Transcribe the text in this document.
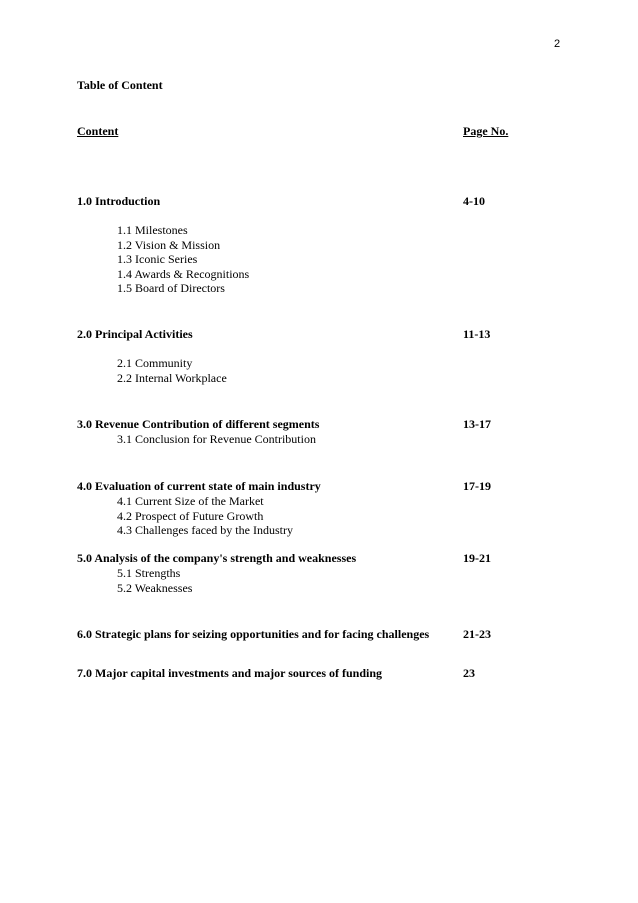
2
Table of Content
Content	Page No.
1.0 Introduction	4-10
1.1 Milestones
1.2 Vision & Mission
1.3 Iconic Series
1.4 Awards & Recognitions
1.5 Board of Directors
2.0 Principal Activities	11-13
2.1 Community
2.2 Internal Workplace
3.0 Revenue Contribution of different segments	13-17
3.1 Conclusion for Revenue Contribution
4.0 Evaluation of current state of main industry	17-19
4.1 Current Size of the Market
4.2 Prospect of Future Growth
4.3 Challenges faced by the Industry
5.0 Analysis of the company's strength and weaknesses	19-21
5.1 Strengths
5.2 Weaknesses
6.0 Strategic plans for seizing opportunities and for facing challenges	21-23
7.0 Major capital investments and major sources of funding	23
